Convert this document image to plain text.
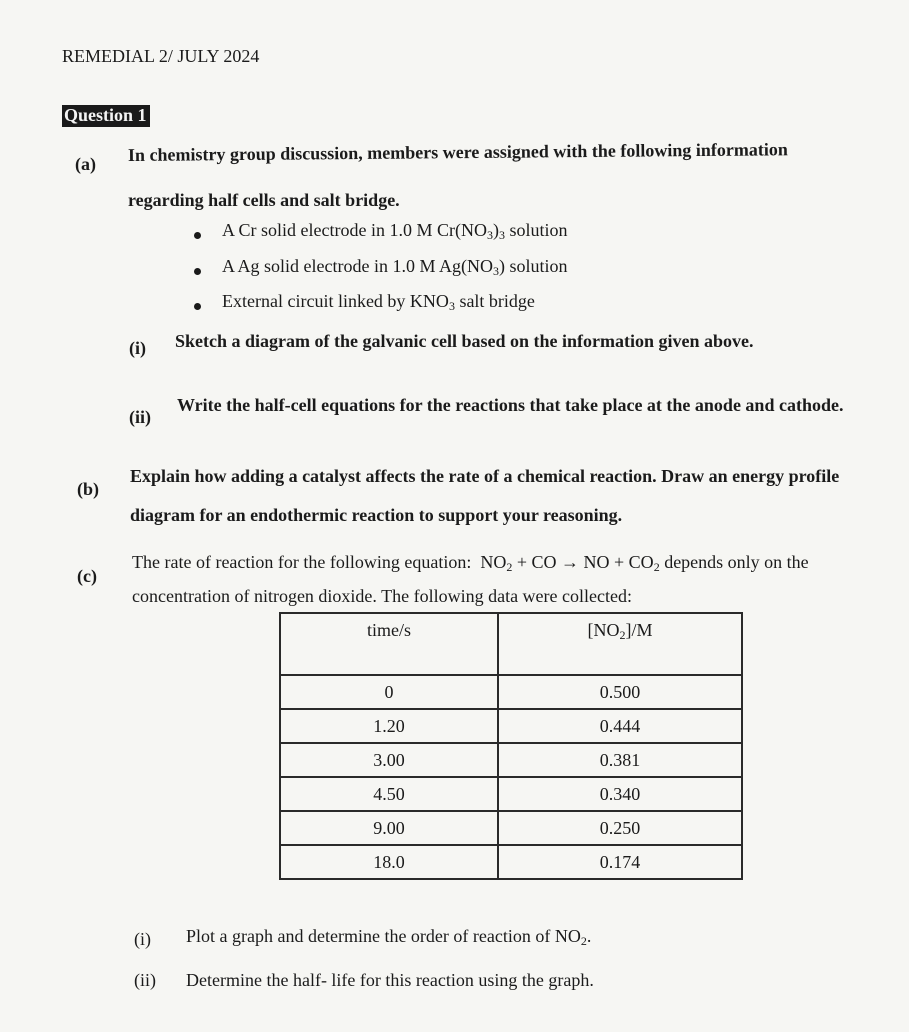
REMEDIAL 2/ JULY 2024
Question 1
(a) In chemistry group discussion, members were assigned with the following information
regarding half cells and salt bridge.
A Cr solid electrode in 1.0 M $Cr(NO_3)_3$ solution
A Ag solid electrode in 1.0 M $Ag(NO_3)$ solution
External circuit linked by $KNO_3$ salt bridge
(i) Sketch a diagram of the galvanic cell based on the information given above.
(ii)
Write the half-cell equations for the reactions that take place at the anode and cathode.
(b)
Explain how adding a catalyst affects the rate of a chemical reaction. Draw an energy profile
diagram for an endothermic reaction to support your reasoning.
(c)
The rate of reaction for the following equation: $NO_2$ + CO → NO + $CO_2$ depends only on the
concentration of nitrogen dioxide. The following data were collected:
time/s	$[NO_2]/M$
0	0.500
1.20	0.444
3.00	0.381
4.50	0.340
9.00	0.250
18.0	0.174
(i) Plot a graph and determine the order of reaction of $NO_2$.
(ii) Determine the half- life for this reaction using the graph.
